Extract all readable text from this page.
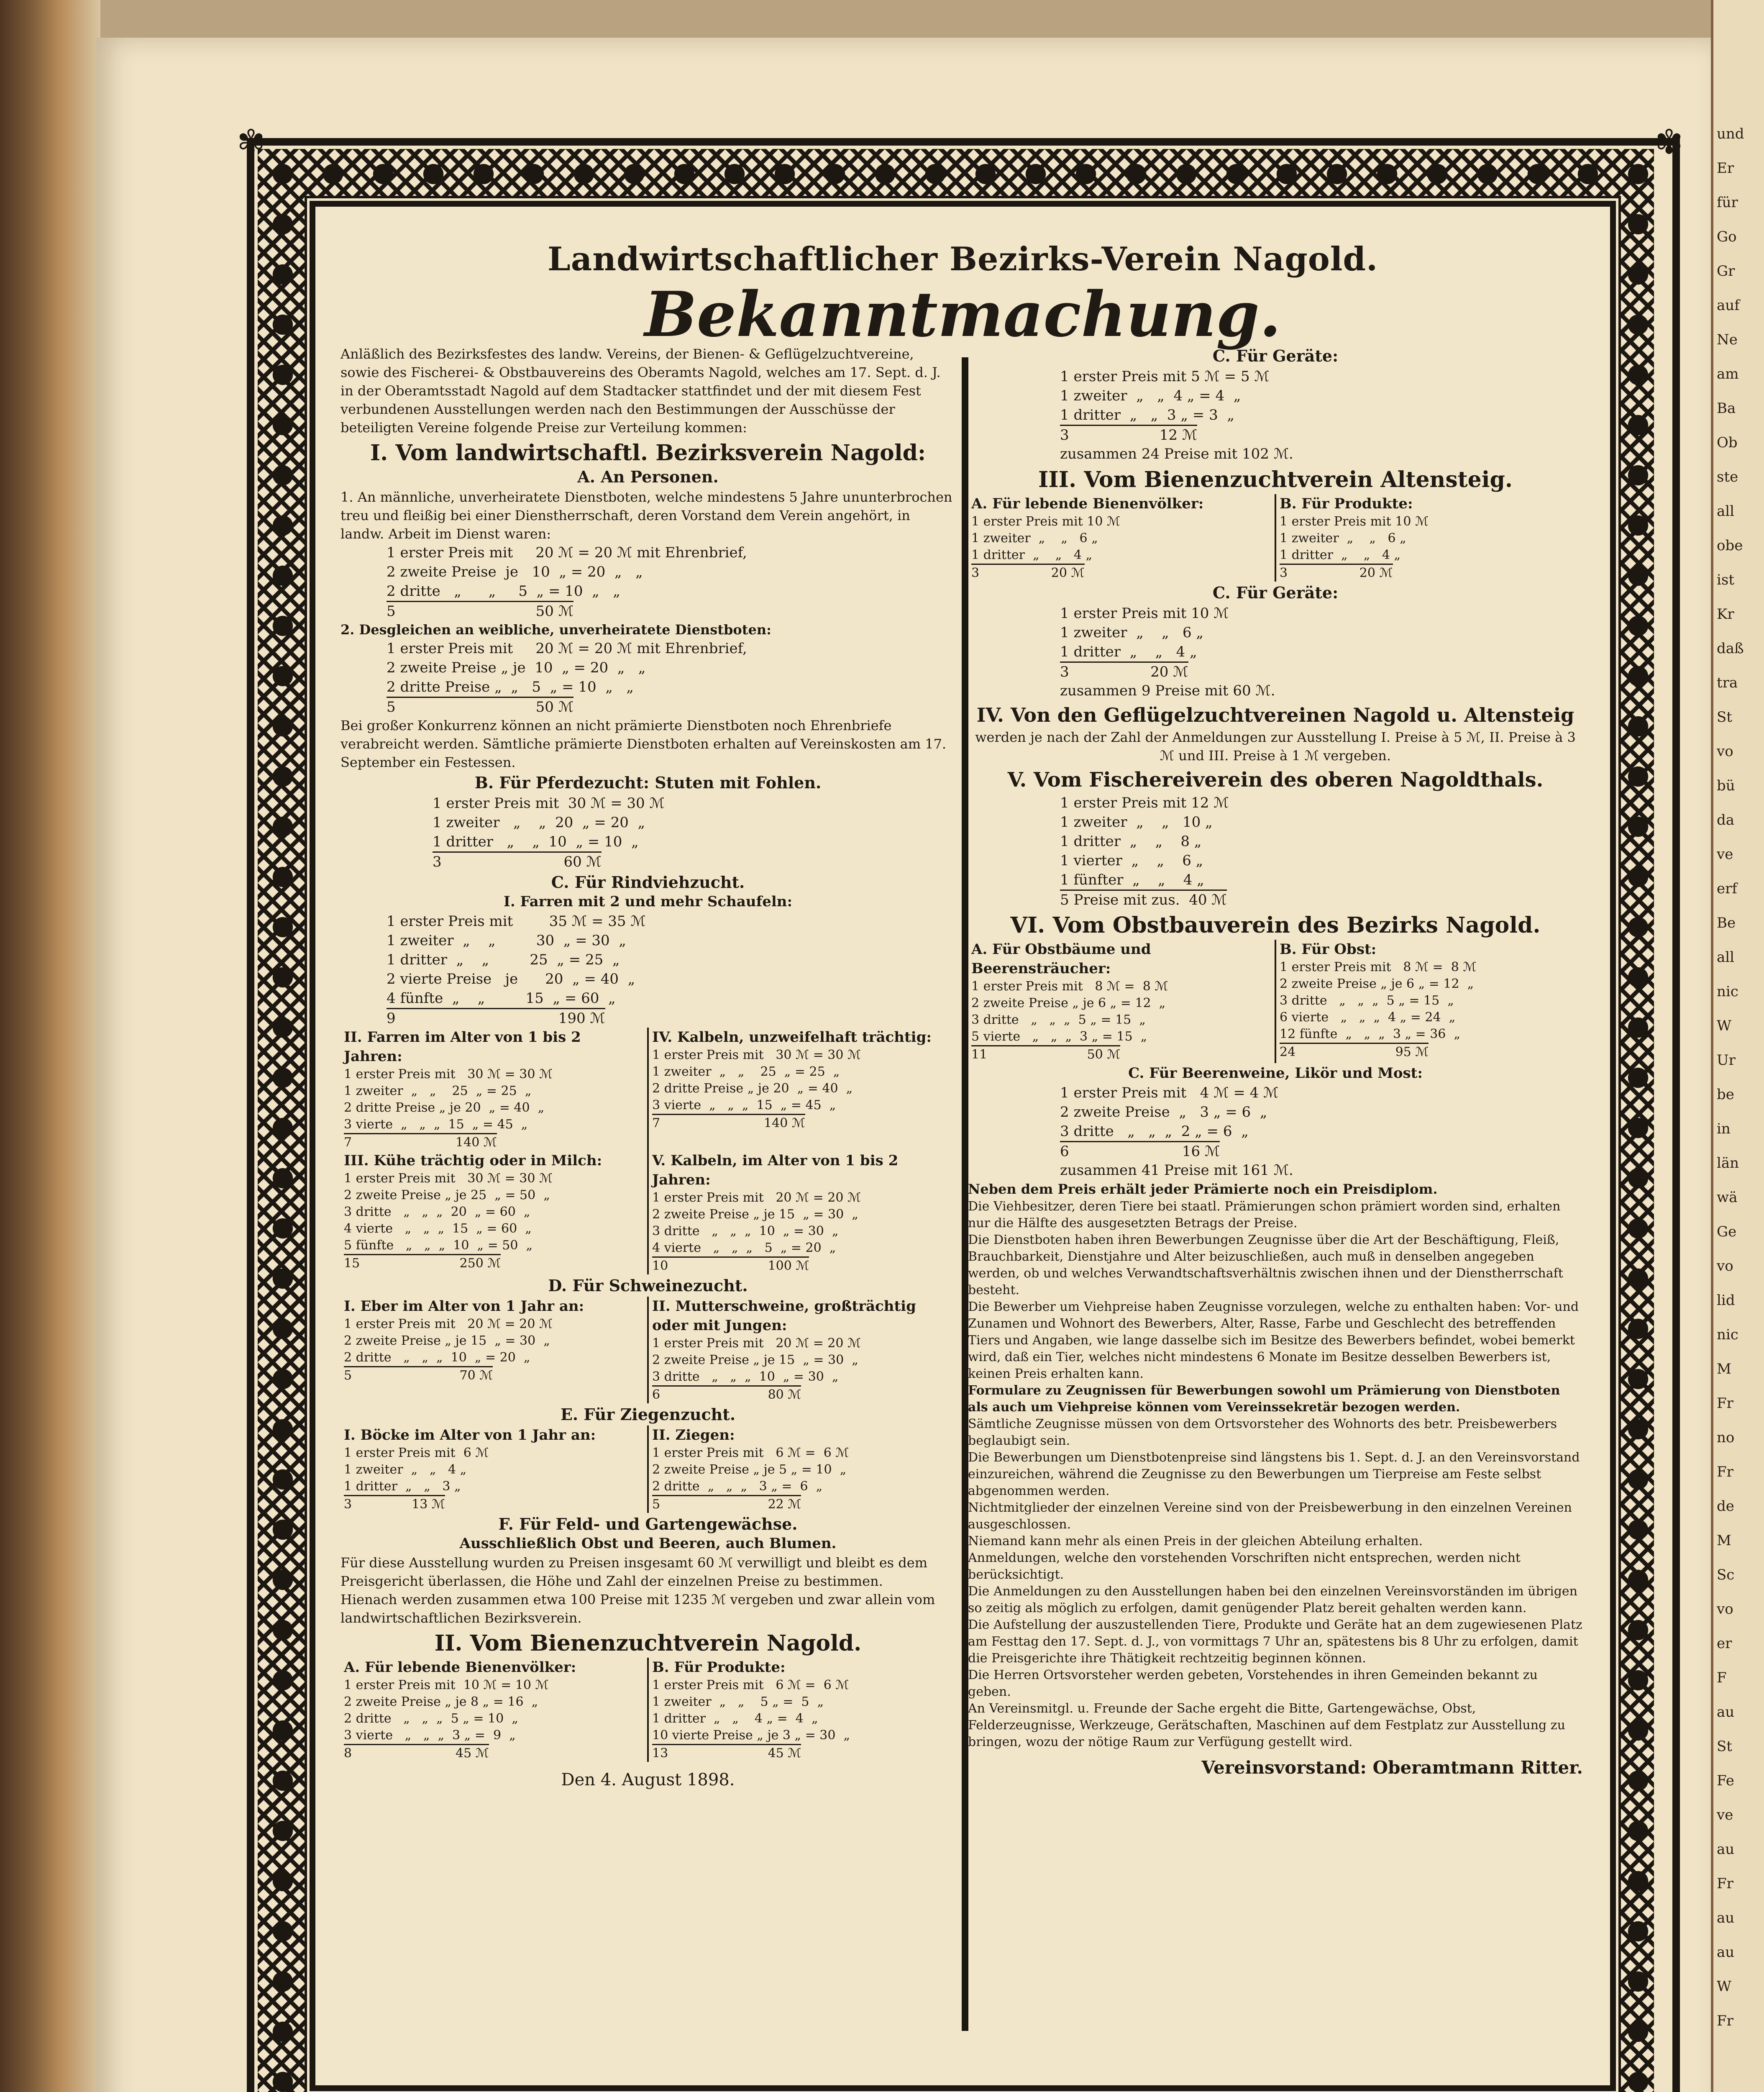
und
Er
für
Go
Gr
auf
Ne
am
Ba
Ob
ste
all
obe
ist
Kr
daß
tra
St
vo
bü
da
ve
erf
Be
all
nic
W
Ur
be
in
län
wä
Ge
vo
lid
nic
M
Fr
no
Fr
de
M
Sc
vo
er
F
au
St
Fe
ve
au
Fr
au
au
W
Fr
✾	✾
Landwirtschaftlicher Bezirks-Verein Nagold.
Bekanntmachung.

Anläßlich des Bezirksfestes des landw. Vereins, der Bienen- & Geflügelzuchtvereine, sowie des Fischerei- & Obstbauvereins des Oberamts Nagold, welches am 17. Sept. d. J. in der Oberamtsstadt Nagold auf dem Stadtacker stattfindet und der mit diesem Fest verbundenen Ausstellungen werden nach den Bestimmungen der Ausschüsse der beteiligten Vereine folgende Preise zur Verteilung kommen:

I. Vom landwirtschaftl. Bezirksverein Nagold:
A. An Personen.

1. An männliche, unverheiratete Dienstboten, welche mindestens 5 Jahre ununterbrochen treu und fleißig bei einer Dienstherrschaft, deren Vorstand dem Verein angehört, in landw. Arbeit im Dienst waren:

1 erster Preis mit     20 ℳ = 20 ℳ mit Ehrenbrief,
2 zweite Preise  je   10  „ = 20  „   „
2 dritte   „      „     5  „ = 10  „   „
5                               50 ℳ

2. Desgleichen an weibliche, unverheiratete Dienstboten:

1 erster Preis mit     20 ℳ = 20 ℳ mit Ehrenbrief,
2 zweite Preise „ je  10  „ = 20  „   „
2 dritte Preise „  „   5  „ = 10  „   „
5                               50 ℳ

Bei großer Konkurrenz können an nicht prämierte Dienstboten noch Ehrenbriefe verabreicht werden. Sämtliche prämierte Dienstboten erhalten auf Vereinskosten am 17. September ein Festessen.

B. Für Pferdezucht: Stuten mit Fohlen.
1 erster Preis mit  30 ℳ = 30 ℳ
1 zweiter   „    „  20  „ = 20  „
1 dritter   „    „  10  „ = 10  „
3                           60 ℳ
C. Für Rindviehzucht.
I. Farren mit 2 und mehr Schaufeln:
1 erster Preis mit        35 ℳ = 35 ℳ
1 zweiter  „    „         30  „ = 30  „
1 dritter  „    „         25  „ = 25  „
2 vierte Preise   je      20  „ = 40  „
4 fünfte  „    „         15  „ = 60  „
9                                    190 ℳ
II. Farren im Alter von 1 bis 2 Jahren:
1 erster Preis mit   30 ℳ = 30 ℳ
1 zweiter  „   „    25  „ = 25  „
2 dritte Preise „ je 20  „ = 40  „
3 vierte  „   „  „  15  „ = 45  „
7                          140 ℳ
IV. Kalbeln, unzweifelhaft trächtig:
1 erster Preis mit   30 ℳ = 30 ℳ
1 zweiter  „   „    25  „ = 25  „
2 dritte Preise „ je 20  „ = 40  „
3 vierte  „   „  „  15  „ = 45  „
7                          140 ℳ
III. Kühe trächtig oder in Milch:
1 erster Preis mit   30 ℳ = 30 ℳ
2 zweite Preise „ je 25  „ = 50  „
3 dritte   „   „  „  20  „ = 60  „
4 vierte   „   „  „  15  „ = 60  „
5 fünfte   „   „  „  10  „ = 50  „
15                         250 ℳ
V. Kalbeln, im Alter von 1 bis 2 Jahren:
1 erster Preis mit   20 ℳ = 20 ℳ
2 zweite Preise „ je 15  „ = 30  „
3 dritte   „   „  „  10  „ = 30  „
4 vierte   „   „  „   5  „ = 20  „
10                         100 ℳ
D. Für Schweinezucht.
I. Eber im Alter von 1 Jahr an:
1 erster Preis mit   20 ℳ = 20 ℳ
2 zweite Preise „ je 15  „ = 30  „
2 dritte   „   „  „  10  „ = 20  „
5                           70 ℳ
II. Mutterschweine, großträchtig oder mit Jungen:
1 erster Preis mit   20 ℳ = 20 ℳ
2 zweite Preise „ je 15  „ = 30  „
3 dritte   „   „  „  10  „ = 30  „
6                           80 ℳ
E. Für Ziegenzucht.
I. Böcke im Alter von 1 Jahr an:
1 erster Preis mit  6 ℳ
1 zweiter  „   „   4 „
1 dritter  „   „   3 „
3               13 ℳ
II. Ziegen:
1 erster Preis mit   6 ℳ =  6 ℳ
2 zweite Preise „ je 5 „ = 10  „
2 dritte  „   „  „   3 „ =  6  „
5                           22 ℳ
F. Für Feld- und Gartengewächse.
Ausschließlich Obst und Beeren, auch Blumen.

Für diese Ausstellung wurden zu Preisen insgesamt 60 ℳ verwilligt und bleibt es dem Preisgericht überlassen, die Höhe und Zahl der einzelnen Preise zu bestimmen.

Hienach werden zusammen etwa 100 Preise mit 1235 ℳ vergeben und zwar allein vom landwirtschaftlichen Bezirksverein.

II. Vom Bienenzuchtverein Nagold.
A. Für lebende Bienenvölker:
1 erster Preis mit  10 ℳ = 10 ℳ
2 zweite Preise „ je 8 „ = 16  „
2 dritte   „   „  „  5 „ = 10  „
3 vierte   „   „  „  3 „ =  9  „
8                          45 ℳ
B. Für Produkte:
1 erster Preis mit   6 ℳ =  6 ℳ
1 zweiter  „   „    5 „ =  5  „
1 dritter  „   „    4 „ =  4  „
10 vierte Preise „ je 3 „ = 30  „
13                         45 ℳ
Den 4. August 1898.
C. Für Geräte:
1 erster Preis mit 5 ℳ = 5 ℳ
1 zweiter  „   „  4 „ = 4  „
1 dritter  „   „  3 „ = 3  „
3                    12 ℳ
zusammen 24 Preise mit 102 ℳ.
III. Vom Bienenzuchtverein Altensteig.
A. Für lebende Bienenvölker:
1 erster Preis mit 10 ℳ
1 zweiter  „    „   6 „
1 dritter  „    „   4 „
3                  20 ℳ
B. Für Produkte:
1 erster Preis mit 10 ℳ
1 zweiter  „    „   6 „
1 dritter  „    „   4 „
3                  20 ℳ
C. Für Geräte:
1 erster Preis mit 10 ℳ
1 zweiter  „    „   6 „
1 dritter  „    „   4 „
3                  20 ℳ
zusammen 9 Preise mit 60 ℳ.
IV. Von den Geflügelzuchtvereinen Nagold u. Altensteig

werden je nach der Zahl der Anmeldungen zur Ausstellung I. Preise à 5 ℳ, II. Preise à 3 ℳ und III. Preise à 1 ℳ vergeben.

V. Vom Fischereiverein des oberen Nagoldthals.
1 erster Preis mit 12 ℳ
1 zweiter  „    „   10 „
1 dritter  „    „    8 „
1 vierter  „    „    6 „
1 fünfter  „    „    4 „
5 Preise mit zus.  40 ℳ
VI. Vom Obstbauverein des Bezirks Nagold.
A. Für Obstbäume und Beerensträucher:
1 erster Preis mit   8 ℳ =  8 ℳ
2 zweite Preise „ je 6 „ = 12  „
3 dritte   „   „  „  5 „ = 15  „
5 vierte   „   „  „  3 „ = 15  „
11                         50 ℳ
B. Für Obst:
1 erster Preis mit   8 ℳ =  8 ℳ
2 zweite Preise „ je 6 „ = 12  „
3 dritte   „   „  „  5 „ = 15  „
6 vierte   „   „  „  4 „ = 24  „
12 fünfte  „   „  „  3 „ = 36  „
24                         95 ℳ
C. Für Beerenweine, Likör und Most:
1 erster Preis mit   4 ℳ = 4 ℳ
2 zweite Preise  „   3 „ = 6  „
3 dritte   „   „  „  2 „ = 6  „
6                         16 ℳ
zusammen 41 Preise mit 161 ℳ.

Neben dem Preis erhält jeder Prämierte noch ein Preisdiplom.

Die Viehbesitzer, deren Tiere bei staatl. Prämierungen schon prämiert worden sind, erhalten nur die Hälfte des ausgesetzten Betrags der Preise.

Die Dienstboten haben ihren Bewerbungen Zeugnisse über die Art der Beschäftigung, Fleiß, Brauchbarkeit, Dienstjahre und Alter beizuschließen, auch muß in denselben angegeben werden, ob und welches Verwandtschaftsverhältnis zwischen ihnen und der Dienstherrschaft besteht.

Die Bewerber um Viehpreise haben Zeugnisse vorzulegen, welche zu enthalten haben: Vor- und Zunamen und Wohnort des Bewerbers, Alter, Rasse, Farbe und Geschlecht des betreffenden Tiers und Angaben, wie lange dasselbe sich im Besitze des Bewerbers befindet, wobei bemerkt wird, daß ein Tier, welches nicht mindestens 6 Monate im Besitze desselben Bewerbers ist, keinen Preis erhalten kann.

Formulare zu Zeugnissen für Bewerbungen sowohl um Prämierung von Dienstboten als auch um Viehpreise können vom Vereinssekretär bezogen werden.

Sämtliche Zeugnisse müssen von dem Ortsvorsteher des Wohnorts des betr. Preisbewerbers beglaubigt sein.

Die Bewerbungen um Dienstbotenpreise sind längstens bis 1. Sept. d. J. an den Vereinsvorstand einzureichen, während die Zeugnisse zu den Bewerbungen um Tierpreise am Feste selbst abgenommen werden.

Nichtmitglieder der einzelnen Vereine sind von der Preisbewerbung in den einzelnen Vereinen ausgeschlossen.

Niemand kann mehr als einen Preis in der gleichen Abteilung erhalten.

Anmeldungen, welche den vorstehenden Vorschriften nicht entsprechen, werden nicht berücksichtigt.

Die Anmeldungen zu den Ausstellungen haben bei den einzelnen Vereinsvorständen im übrigen so zeitig als möglich zu erfolgen, damit genügender Platz bereit gehalten werden kann.

Die Aufstellung der auszustellenden Tiere, Produkte und Geräte hat an dem zugewiesenen Platz am Festtag den 17. Sept. d. J., von vormittags 7 Uhr an, spätestens bis 8 Uhr zu erfolgen, damit die Preisgerichte ihre Thätigkeit rechtzeitig beginnen können.

Die Herren Ortsvorsteher werden gebeten, Vorstehendes in ihren Gemeinden bekannt zu geben.

An Vereinsmitgl. u. Freunde der Sache ergeht die Bitte, Gartengewächse, Obst, Felderzeugnisse, Werkzeuge, Gerätschaften, Maschinen auf dem Festplatz zur Ausstellung zu bringen, wozu der nötige Raum zur Verfügung gestellt wird.

Vereinsvorstand: Oberamtmann Ritter.
